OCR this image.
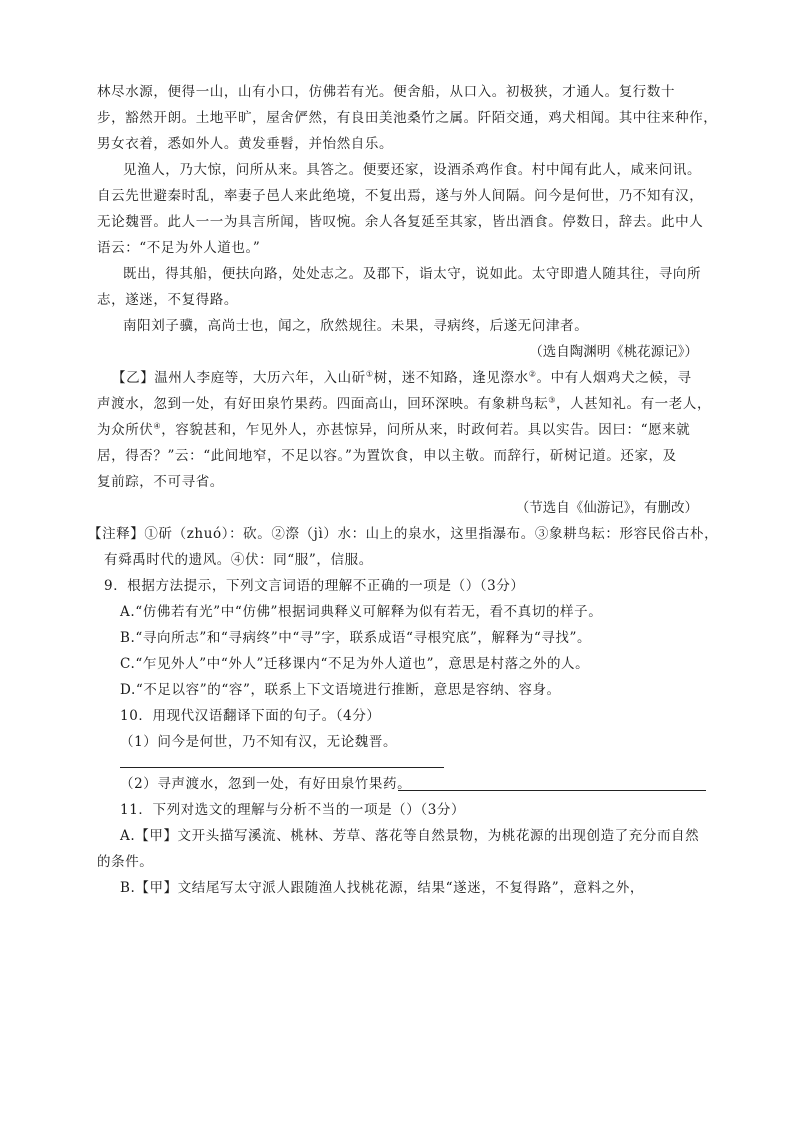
林尽水源，便得一山，山有小口，仿佛若有光。便舍船，从口入。初极狭，才通人。复行数十
步，豁然开朗。土地平旷，屋舍俨然，有良田美池桑竹之属。阡陌交通，鸡犬相闻。其中往来种作，
男女衣着，悉如外人。黄发垂髫，并怡然自乐。
见渔人，乃大惊，问所从来。具答之。便要还家，设酒杀鸡作食。村中闻有此人，咸来问讯。
自云先世避秦时乱，率妻子邑人来此绝境，不复出焉，遂与外人间隔。问今是何世，乃不知有汉，
无论魏晋。此人一一为具言所闻，皆叹惋。余人各复延至其家，皆出酒食。停数日，辞去。此中人
语云：“不足为外人道也。”
既出，得其船，便扶向路，处处志之。及郡下，诣太守，说如此。太守即遣人随其往，寻向所
志，遂迷，不复得路。
南阳刘子骥，高尚士也，闻之，欣然规往。未果，寻病终，后遂无问津者。
（选自陶渊明《桃花源记》）
【乙】温州人李庭等，大历六年，入山斫①树，迷不知路，逢见漈水②。中有人烟鸡犬之候，寻
声渡水，忽到一处，有好田泉竹果药。四面高山，回环深映。有象耕鸟耘③，人甚知礼。有一老人，
为众所伏④，容貌甚和，乍见外人，亦甚惊异，问所从来，时政何若。具以实告。因曰：“愿来就
居，得否？”云：“此间地窄，不足以容。”为置饮食，申以主敬。而辞行，斫树记道。还家，及
复前踪，不可寻省。
（节选自《仙游记》，有删改）
【注释】①斫（zhuó）：砍。②漈（jì）水：山上的泉水，这里指瀑布。③象耕鸟耘：形容民俗古朴，
有舜禹时代的遗风。④伏：同“服”，信服。
9．根据方法提示，下列文言词语的理解不正确的一项是（）（3分）
A.“仿佛若有光”中“仿佛”根据词典释义可解释为似有若无，看不真切的样子。
B.“寻向所志”和“寻病终”中“寻”字，联系成语“寻根究底”，解释为“寻找”。
C.“乍见外人”中“外人”迁移课内“不足为外人道也”，意思是村落之外的人。
D.“不足以容”的“容”，联系上下文语境进行推断，意思是容纳、容身。
10．用现代汉语翻译下面的句子。（4分）
（1）问今是何世，乃不知有汉，无论魏晋。
（2）寻声渡水，忽到一处，有好田泉竹果药。
11．下列对选文的理解与分析不当的一项是（）（3分）
A.【甲】文开头描写溪流、桃林、芳草、落花等自然景物，为桃花源的出现创造了充分而自然
的条件。
B.【甲】文结尾写太守派人跟随渔人找桃花源，结果“遂迷，不复得路”，意料之外，
